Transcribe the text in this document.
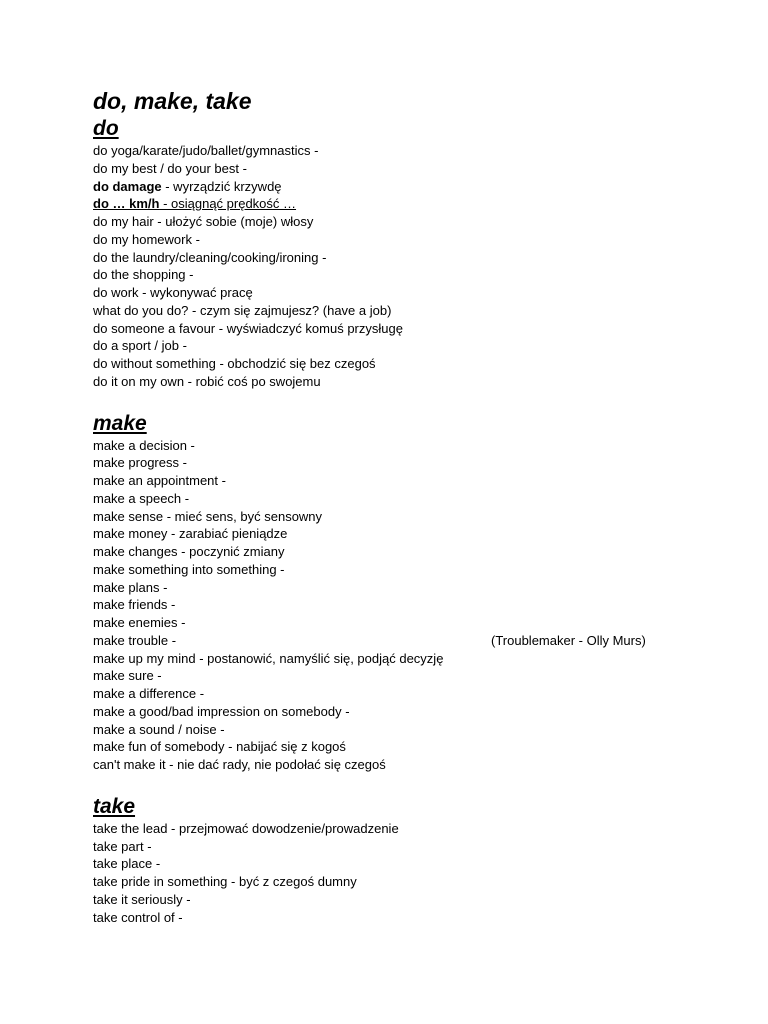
do, make, take
do
do yoga/karate/judo/ballet/gymnastics -
do my best / do your best -
do damage - wyrządzić krzywdę
do … km/h - osiągnąć prędkość …
do my hair - ułożyć sobie (moje) włosy
do my homework -
do the laundry/cleaning/cooking/ironing -
do the shopping -
do work - wykonywać pracę
what do you do? - czym się zajmujesz? (have a job)
do someone a favour - wyświadczyć komuś przysługę
do a sport / job -
do without something - obchodzić się bez czegoś
do it on my own - robić coś po swojemu
make
make a decision -
make progress -
make an appointment -
make a speech -
make sense - mieć sens, być sensowny
make money - zarabiać pieniądze
make changes - poczynić zmiany
make something into something -
make plans -
make friends -
make enemies -
make trouble -	(Troublemaker - Olly Murs)
make up my mind - postanowić, namyślić się, podjąć decyzję
make sure -
make a difference -
make a good/bad impression on somebody -
make a sound / noise -
make fun of somebody - nabijać się z kogoś
can't make it - nie dać rady, nie podołać się czegoś
take
take the lead - przejmować dowodzenie/prowadzenie
take part -
take place -
take pride in something - być z czegoś dumny
take it seriously -
take control of -
